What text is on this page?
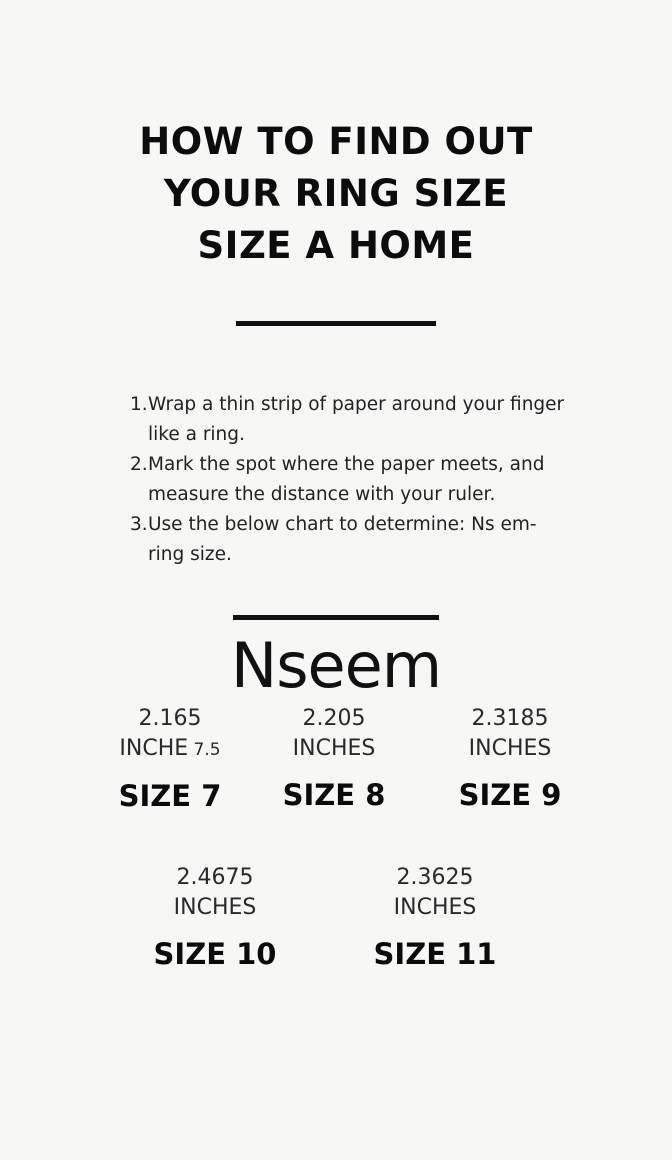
HOW TO FIND OUT
YOUR RING SIZE
SIZE A HOME
1. Wrap a thin strip of paper around your finger like a ring.
2. Mark the spot where the paper meets, and measure the distance with your ruler.
3. Use the below chart to determine: Ns em-ring size.
Nseem
2.165
INCHE 7.5
SIZE 7
2.205
INCHES
SIZE 8
2.3185
INCHES
SIZE 9
2.4675
INCHES
SIZE 10
2.3625
INCHES
SIZE 11
